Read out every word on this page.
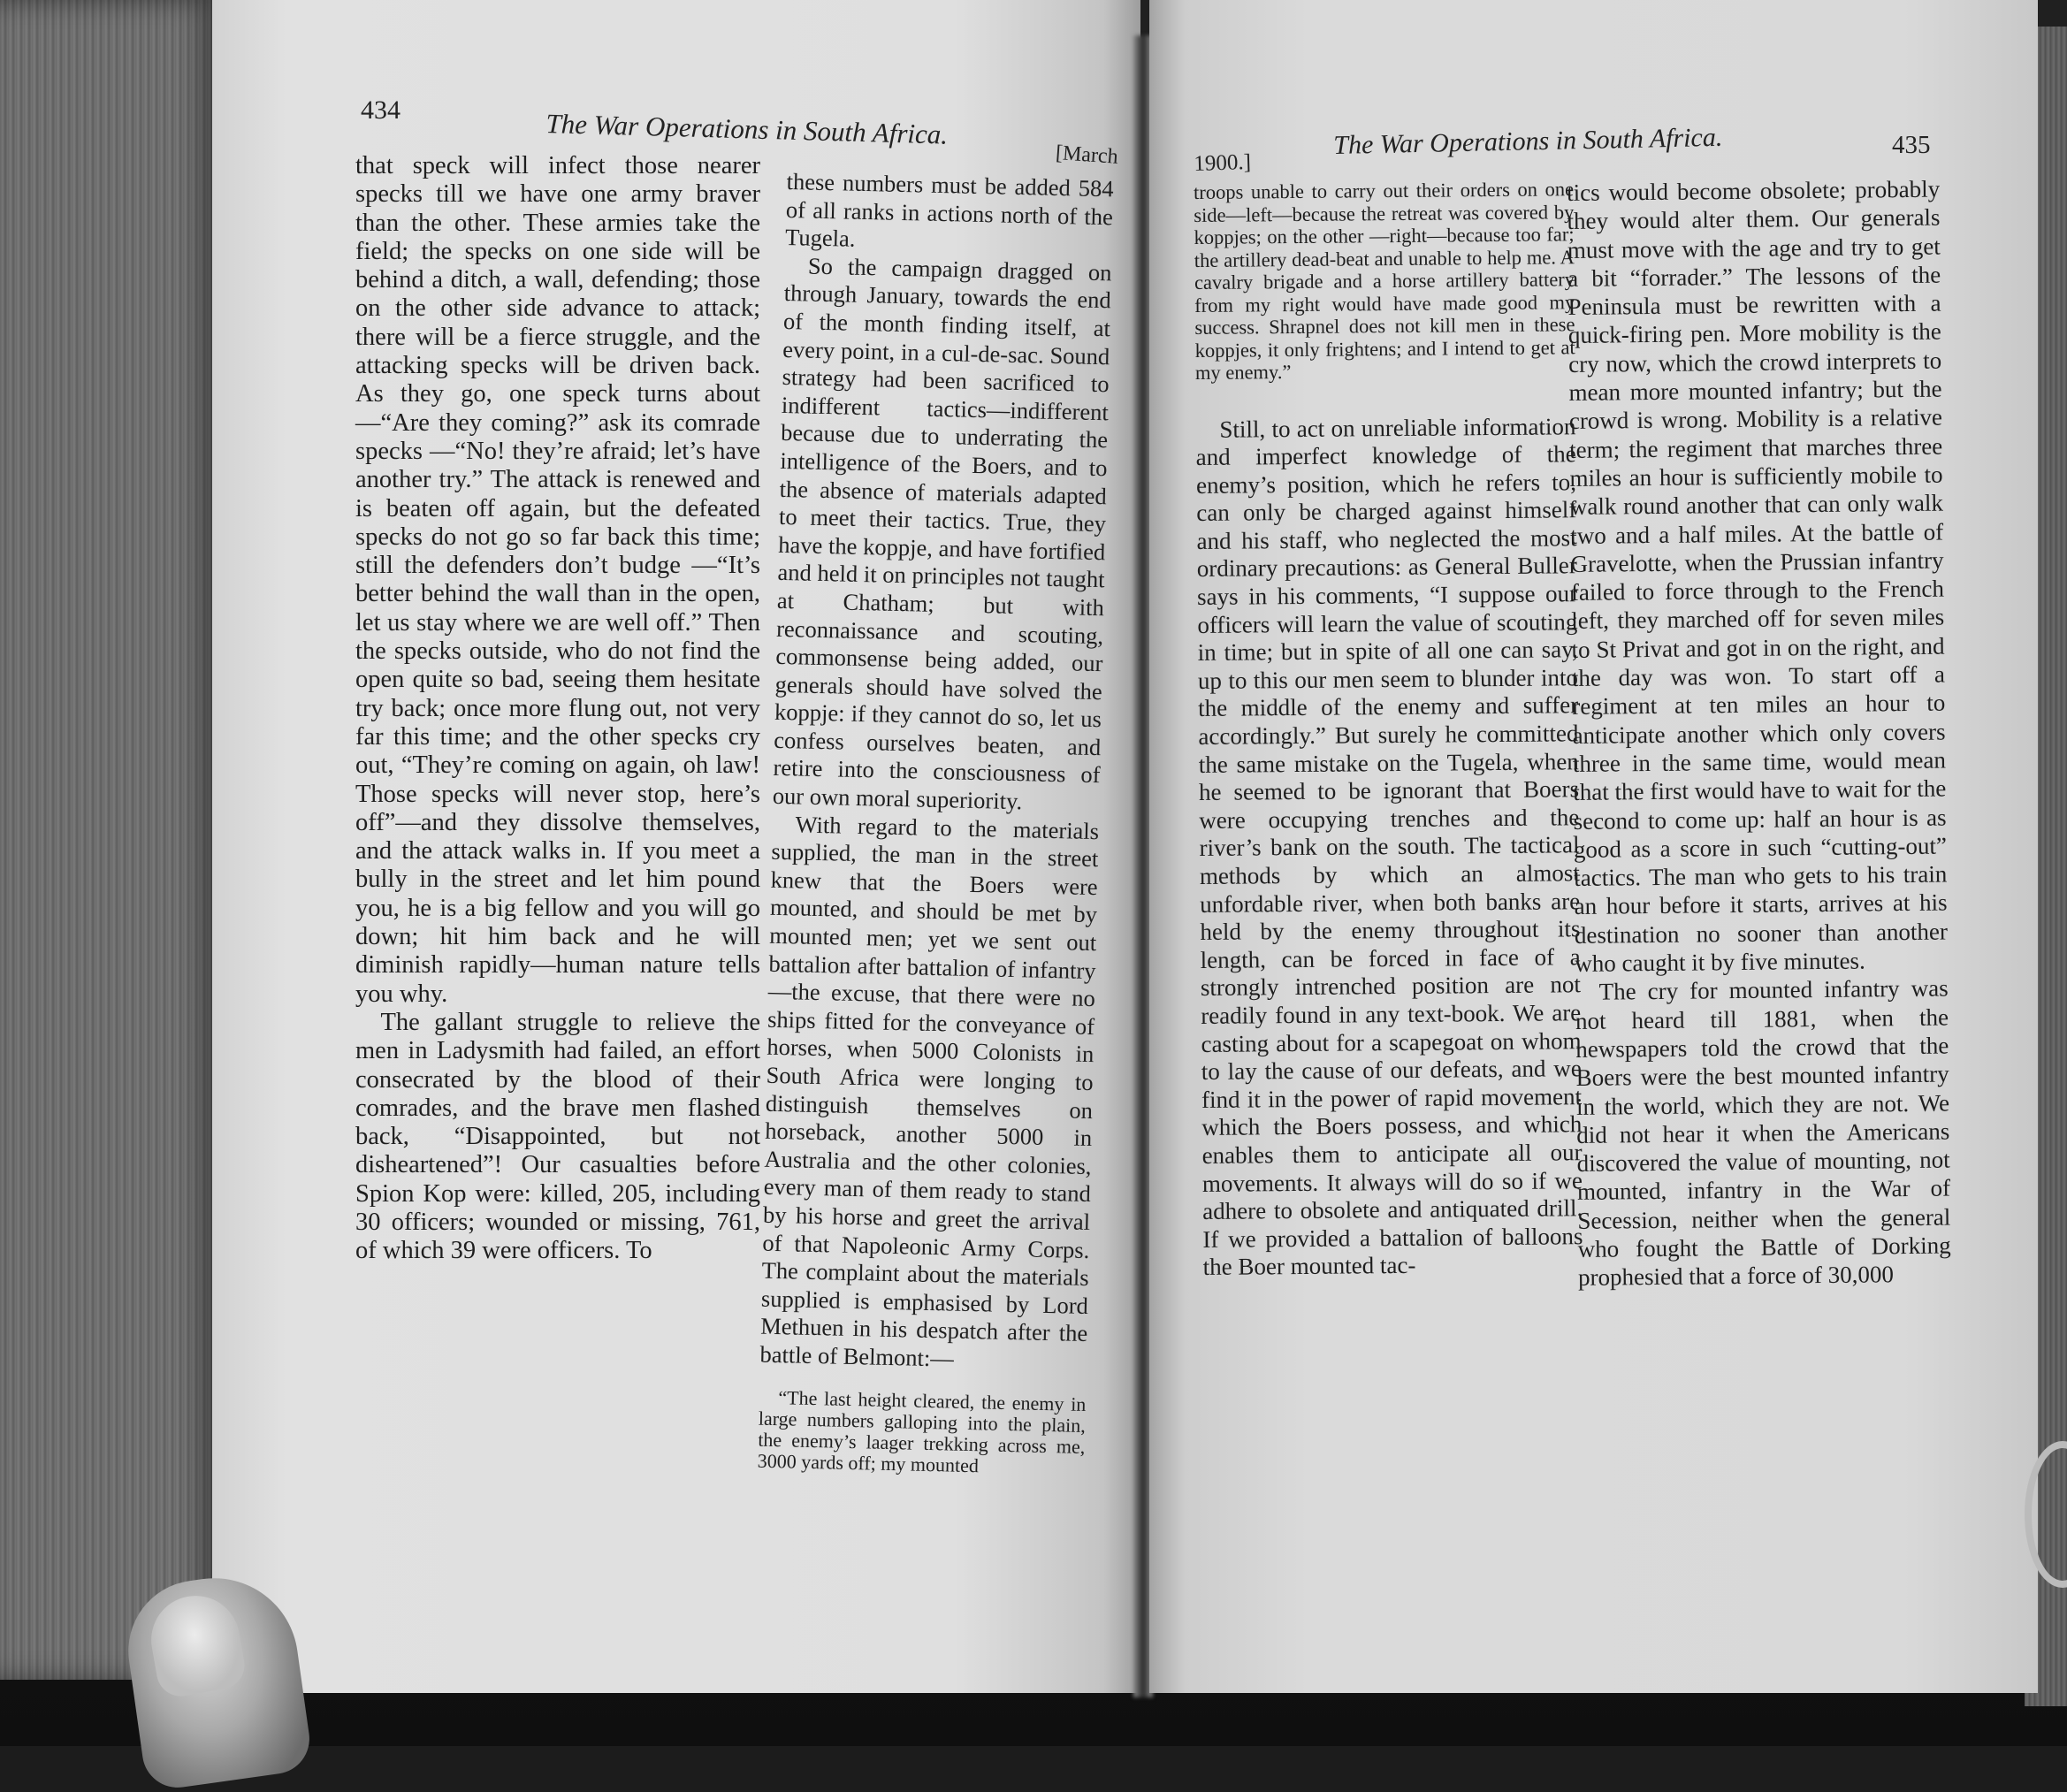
434	The War Operations in South Africa.
[March

that speck will infect those nearer specks till we have one army braver than the other. These armies take the field; the specks on one side will be behind a ditch, a wall, defending; those on the other side advance to attack; there will be a fierce struggle, and the attacking specks will be driven back. As they go, one speck turns about—“Are they coming?” ask its comrade specks —“No! they’re afraid; let’s have another try.” The attack is renewed and is beaten off again, but the defeated specks do not go so far back this time; still the defenders don’t budge —“It’s better behind the wall than in the open, let us stay where we are well off.” Then the specks outside, who do not find the open quite so bad, seeing them hesitate try back; once more flung out, not very far this time; and the other specks cry out, “They’re coming on again, oh law! Those specks will never stop, here’s off”—and they dissolve themselves, and the attack walks in. If you meet a bully in the street and let him pound you, he is a big fellow and you will go down; hit him back and he will diminish rapidly—human nature tells you why.

The gallant struggle to relieve the men in Ladysmith had failed, an effort consecrated by the blood of their comrades, and the brave men flashed back, “Disappointed, but not disheartened”! Our casualties before Spion Kop were: killed, 205, including 30 officers; wounded or missing, 761, of which 39 were officers. To

these numbers must be added 584 of all ranks in actions north of the Tugela.

So the campaign dragged on through January, towards the end of the month finding itself, at every point, in a cul-de-sac. Sound strategy had been sacrificed to indifferent tactics—indifferent because due to underrating the intelligence of the Boers, and to the absence of materials adapted to meet their tactics. True, they have the koppje, and have fortified and held it on principles not taught at Chatham; but with reconnaissance and scouting, commonsense being added, our generals should have solved the koppje: if they cannot do so, let us confess ourselves beaten, and retire into the consciousness of our own moral superiority.

With regard to the materials supplied, the man in the street knew that the Boers were mounted, and should be met by mounted men; yet we sent out battalion after battalion of infantry—the excuse, that there were no ships fitted for the conveyance of horses, when 5000 Colonists in South Africa were longing to distinguish themselves on horseback, another 5000 in Australia and the other colonies, every man of them ready to stand by his horse and greet the arrival of that Napoleonic Army Corps. The complaint about the materials supplied is emphasised by Lord Methuen in his despatch after the battle of Belmont:—

“The last height cleared, the enemy in large numbers galloping into the plain, the enemy’s laager trekking across me, 3000 yards off; my mounted

1900.]
The War Operations in South Africa.	435

troops unable to carry out their orders on one side—left—because the retreat was covered by koppjes; on the other —right—because too far; the artillery dead-beat and unable to help me. A cavalry brigade and a horse artillery battery from my right would have made good my success. Shrapnel does not kill men in these koppjes, it only frightens; and I intend to get at my enemy.”

Still, to act on unreliable information and imperfect knowledge of the enemy’s position, which he refers to, can only be charged against himself and his staff, who neglected the most ordinary precautions: as General Buller says in his comments, “I suppose our officers will learn the value of scouting in time; but in spite of all one can say, up to this our men seem to blunder into the middle of the enemy and suffer accordingly.” But surely he committed the same mistake on the Tugela, when he seemed to be ignorant that Boers were occupying trenches and the river’s bank on the south. The tactical methods by which an almost unfordable river, when both banks are held by the enemy throughout its length, can be forced in face of a strongly intrenched position are not readily found in any text-book. We are casting about for a scapegoat on whom to lay the cause of our defeats, and we find it in the power of rapid movement which the Boers possess, and which enables them to anticipate all our movements. It always will do so if we adhere to obsolete and antiquated drill. If we provided a battalion of balloons the Boer mounted tac-

tics would become obsolete; probably they would alter them. Our generals must move with the age and try to get a bit “forrader.” The lessons of the Peninsula must be rewritten with a quick-firing pen. More mobility is the cry now, which the crowd interprets to mean more mounted infantry; but the crowd is wrong. Mobility is a relative term; the regiment that marches three miles an hour is sufficiently mobile to walk round another that can only walk two and a half miles. At the battle of Gravelotte, when the Prussian infantry failed to force through to the French left, they marched off for seven miles to St Privat and got in on the right, and the day was won. To start off a regiment at ten miles an hour to anticipate another which only covers three in the same time, would mean that the first would have to wait for the second to come up: half an hour is as good as a score in such “cutting-out” tactics. The man who gets to his train an hour before it starts, arrives at his destination no sooner than another who caught it by five minutes.

The cry for mounted infantry was not heard till 1881, when the newspapers told the crowd that the Boers were the best mounted infantry in the world, which they are not. We did not hear it when the Americans discovered the value of mounting, not mounted, infantry in the War of Secession, neither when the general who fought the Battle of Dorking prophesied that a force of 30,000
